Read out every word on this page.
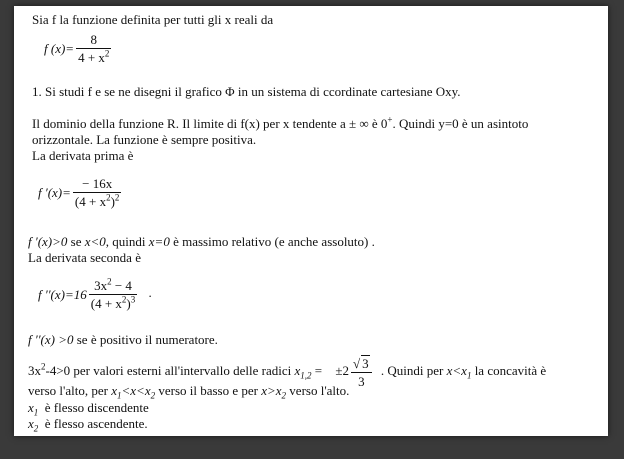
Sia f la funzione definita per tutti gli x reali da
f $(x)= \frac{8}{4 + x^2}$
1. Si studi f e se ne disegni il grafico Φ in un sistema di ccordinate cartesiane Oxy.
Il dominio della funzione R. Il limite di f(x) per x tendente a ± ∞ è 0+. Quindi y=0 è un asintoto
orizzontale. La funzione è sempre positiva.
La derivata prima è
f $'(x)= \frac{- 16x}{(4 + x^2)^2}$
f ′(x)>0 se x<0, quindi x=0 è massimo relativo (e anche assoluto) .
La derivata seconda è
f $''(x)=16 \frac{3x^2 - 4}{(4 + x^2)^3}$ .
f ′′(x) >0 se è positivo il numeratore.
$3x^2-4>0$ per valori esterni all'intervallo delle radici $x_{1,2} = \pm 2 \frac{√ 3}{3}$ . Quindi per $x<x_1$ la concavità è
verso l'alto, per $x_1<x<x_2$ verso il basso e per $x>x_2$ verso l'alto.
$x_1$  è flesso discendente
$x_2$  è flesso ascendente.
